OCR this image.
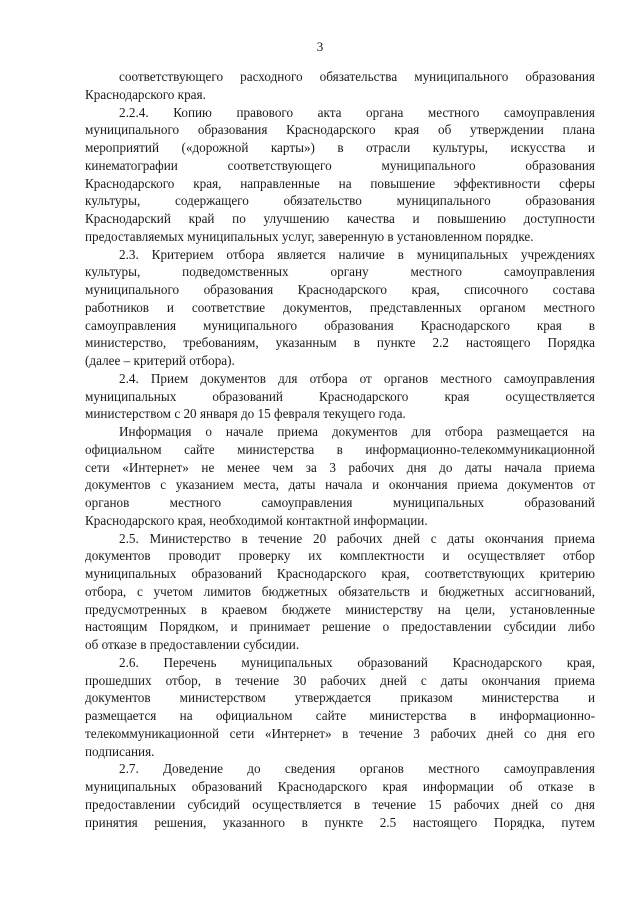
3
соответствующего расходного обязательства муниципального образования
Краснодарского края.
2.2.4. Копию правового акта органа местного самоуправления
муниципального образования Краснодарского края об утверждении плана
мероприятий («дорожной карты») в отрасли культуры, искусства и
кинематографии соответствующего муниципального образования
Краснодарского края, направленные на повышение эффективности сферы
культуры, содержащего обязательство муниципального образования
Краснодарский край по улучшению качества и повышению доступности
предоставляемых муниципальных услуг, заверенную в установленном порядке.
2.3. Критерием отбора является наличие в муниципальных учреждениях
культуры, подведомственных органу местного самоуправления
муниципального образования Краснодарского края, списочного состава
работников и соответствие документов, представленных органом местного
самоуправления муниципального образования Краснодарского края в
министерство, требованиям, указанным в пункте 2.2 настоящего Порядка
(далее – критерий отбора).
2.4. Прием документов для отбора от органов местного самоуправления
муниципальных образований Краснодарского края осуществляется
министерством с 20 января до 15 февраля текущего года.
Информация о начале приема документов для отбора размещается на
официальном сайте министерства в информационно-телекоммуникационной
сети «Интернет» не менее чем за 3 рабочих дня до даты начала приема
документов с указанием места, даты начала и окончания приема документов от
органов местного самоуправления муниципальных образований
Краснодарского края, необходимой контактной информации.
2.5. Министерство в течение 20 рабочих дней с даты окончания приема
документов проводит проверку их комплектности и осуществляет отбор
муниципальных образований Краснодарского края, соответствующих критерию
отбора, с учетом лимитов бюджетных обязательств и бюджетных ассигнований,
предусмотренных в краевом бюджете министерству на цели, установленные
настоящим Порядком, и принимает решение о предоставлении субсидии либо
об отказе в предоставлении субсидии.
2.6. Перечень муниципальных образований Краснодарского края,
прошедших отбор, в течение 30 рабочих дней с даты окончания приема
документов министерством утверждается приказом министерства и
размещается на официальном сайте министерства в информационно-
телекоммуникационной сети «Интернет» в течение 3 рабочих дней со дня его
подписания.
2.7. Доведение до сведения органов местного самоуправления
муниципальных образований Краснодарского края информации об отказе в
предоставлении субсидий осуществляется в течение 15 рабочих дней со дня
принятия решения, указанного в пункте 2.5 настоящего Порядка, путем
